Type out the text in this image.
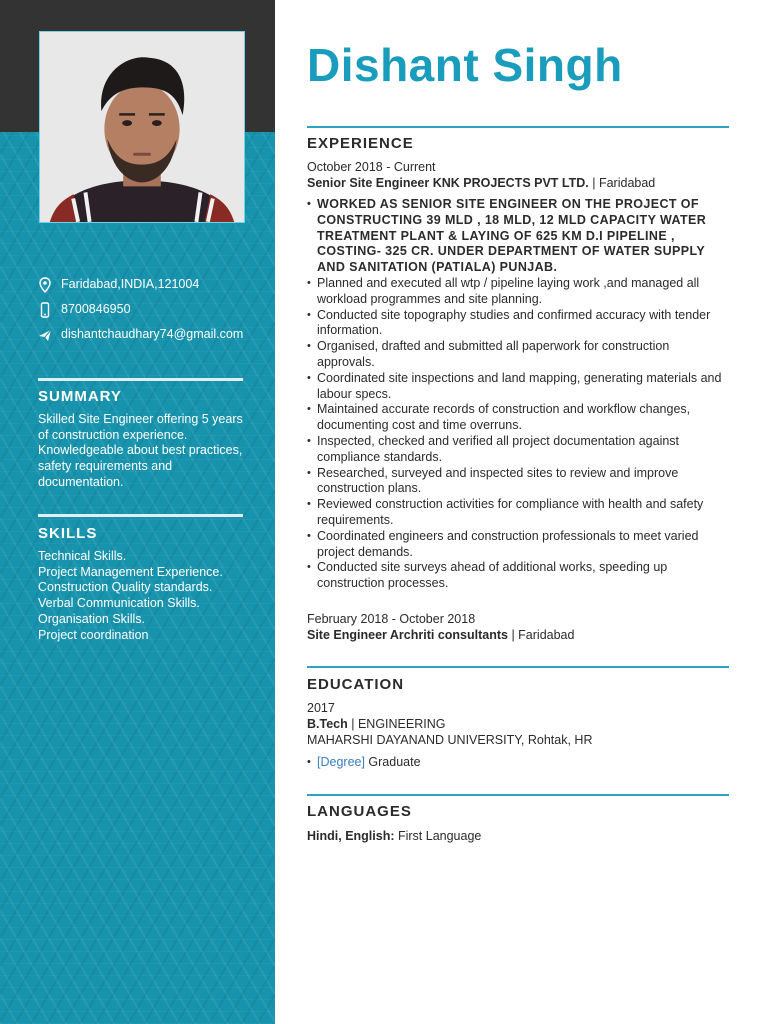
Faridabad,INDIA,121004
8700846950
dishantchaudhary74@gmail.com
SUMMARY
Skilled Site Engineer offering 5 years of construction experience. Knowledgeable about best practices, safety requirements and documentation.
SKILLS
Technical Skills.
Project Management Experience.
Construction Quality standards.
Verbal Communication Skills.
Organisation Skills.
Project coordination
Dishant Singh
EXPERIENCE
October 2018 - Current
Senior Site Engineer KNK PROJECTS PVT LTD. | Faridabad
• WORKED AS SENIOR SITE ENGINEER ON THE PROJECT OF CONSTRUCTING 39 MLD , 18 MLD, 12 MLD CAPACITY WATER TREATMENT PLANT & LAYING OF 625 KM D.I PIPELINE , COSTING- 325 CR. UNDER DEPARTMENT OF WATER SUPPLY AND SANITATION (PATIALA) PUNJAB.
• Planned and executed all wtp / pipeline laying work ,and managed all workload programmes and site planning.
• Conducted site topography studies and confirmed accuracy with tender information.
• Organised, drafted and submitted all paperwork for construction approvals.
• Coordinated site inspections and land mapping, generating materials and labour specs.
• Maintained accurate records of construction and workflow changes, documenting cost and time overruns.
• Inspected, checked and verified all project documentation against compliance standards.
• Researched, surveyed and inspected sites to review and improve construction plans.
• Reviewed construction activities for compliance with health and safety requirements.
• Coordinated engineers and construction professionals to meet varied project demands.
• Conducted site surveys ahead of additional works, speeding up construction processes.
February 2018 - October 2018
Site Engineer Archriti consultants | Faridabad
EDUCATION
2017
B.Tech | ENGINEERING
MAHARSHI DAYANAND UNIVERSITY, Rohtak, HR
• [Degree] Graduate
LANGUAGES
Hindi, English: First Language
